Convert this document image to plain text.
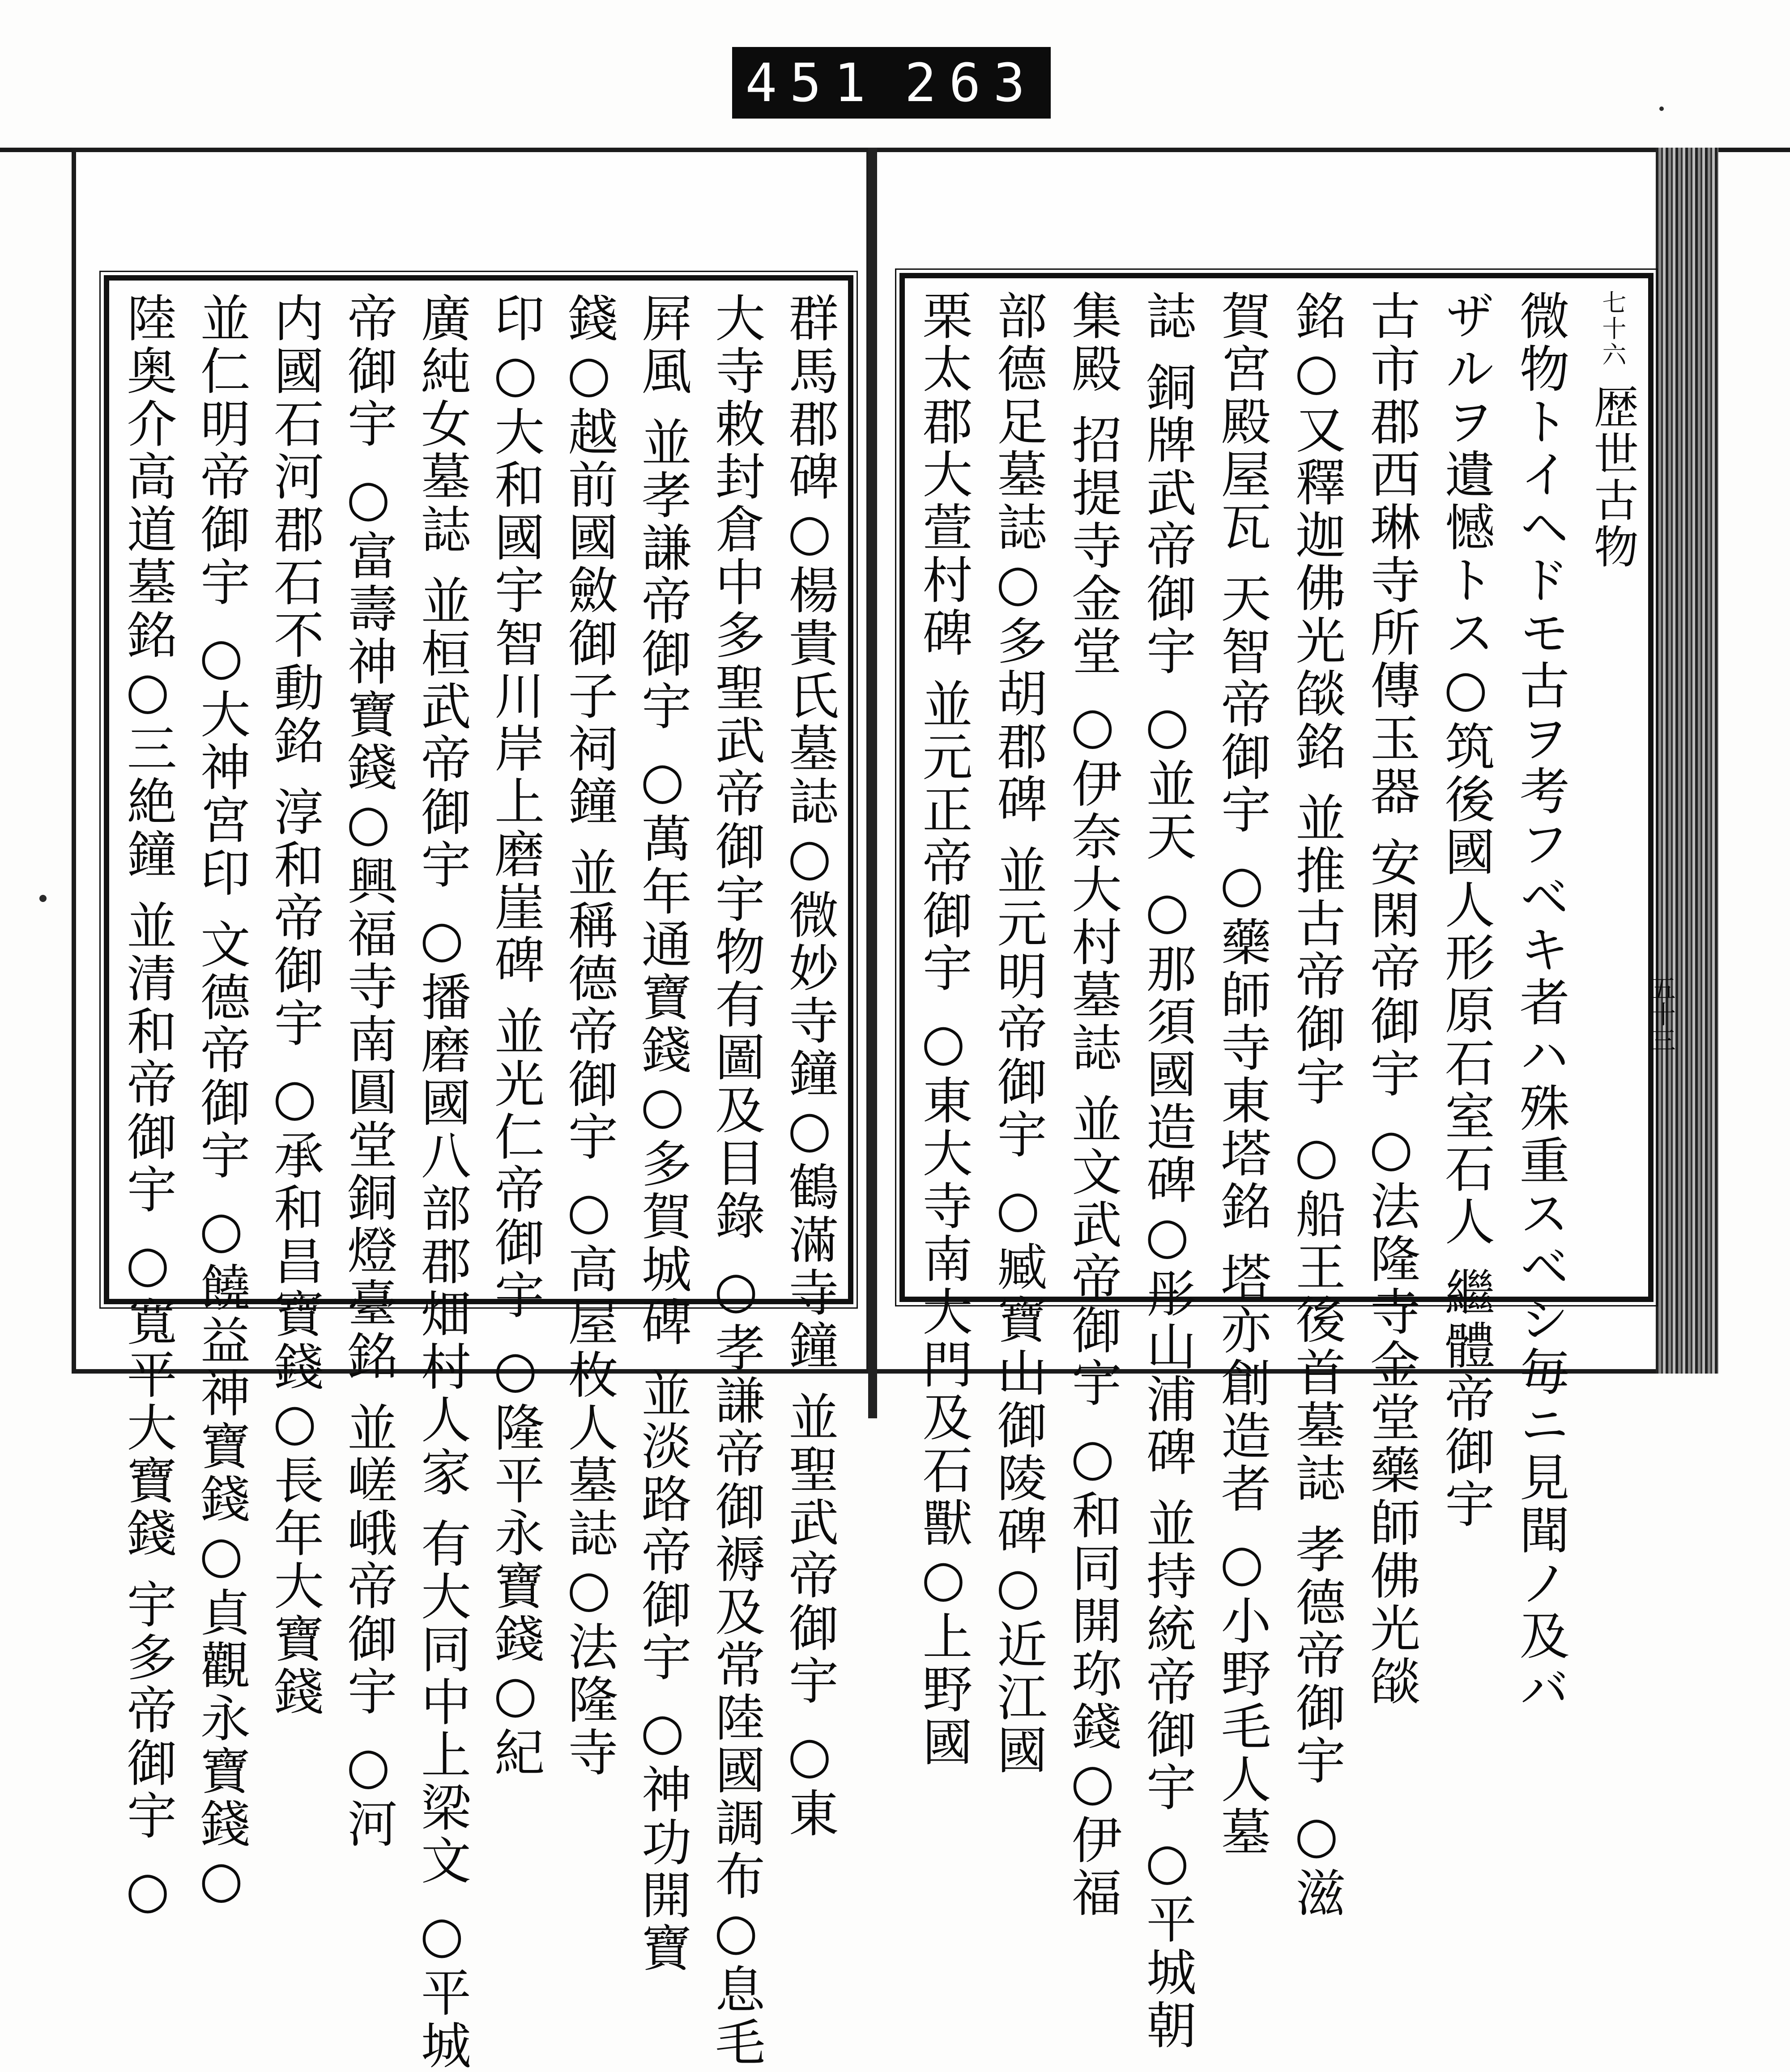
451 263
七十六 歴世古物
微物トイヘドモ古ヲ考フベキ者ハ殊重スベシ毎ニ見聞ノ及バ
ザルヲ遺憾トス○筑後國人形原石室石人 繼體帝御宇
古市郡西琳寺所傳玉器 安閑帝御宇 ○法隆寺金堂藥師佛光燄
銘○又釋迦佛光燄銘 並推古帝御宇 ○船王後首墓誌 孝德帝御宇 ○滋
賀宮殿屋瓦 天智帝御宇 ○藥師寺東塔銘 塔亦創造者 ○小野毛人墓
誌 銅牌武帝御宇 ○並天 ○那須國造碑○彤山浦碑 並持統帝御宇 ○平城朝
集殿 招提寺金堂 ○伊奈大村墓誌 並文武帝御宇 ○和同開珎錢○伊福
部德足墓誌○多胡郡碑 並元明帝御宇 ○臧寶山御陵碑○近江國
栗太郡大萱村碑 並元正帝御宇 ○東大寺南大門及石獸○上野國
群馬郡碑○楊貴氏墓誌○微妙寺鐘○鶴滿寺鐘 並聖武帝御宇 ○東
大寺敕封倉中多聖武帝御宇物有圖及目錄 ○孝謙帝御褥及常陸國調布○息毛
屛風 並孝謙帝御宇 ○萬年通寶錢○多賀城碑 並淡路帝御宇 ○神功開寶
錢○越前國斂御子祠鐘 並稱德帝御宇 ○高屋枚人墓誌○法隆寺
印○大和國宇智川岸上磨崖碑 並光仁帝御宇 ○隆平永寶錢○紀
廣純女墓誌 並桓武帝御宇 ○播磨國八部郡畑村人家 有大同中上梁文 ○平城
帝御宇 ○富壽神寶錢○興福寺南圓堂銅燈臺銘 並嵯峨帝御宇 ○河
内國石河郡石不動銘 淳和帝御宇 ○承和昌寶錢○長年大寶錢
並仁明帝御宇 ○大神宮印 文德帝御宇 ○饒益神寶錢○貞觀永寶錢○
陸奥介高道墓銘○三絶鐘 並清和帝御宇 ○寬平大寶錢 宇多帝御宇 ○	五十三
